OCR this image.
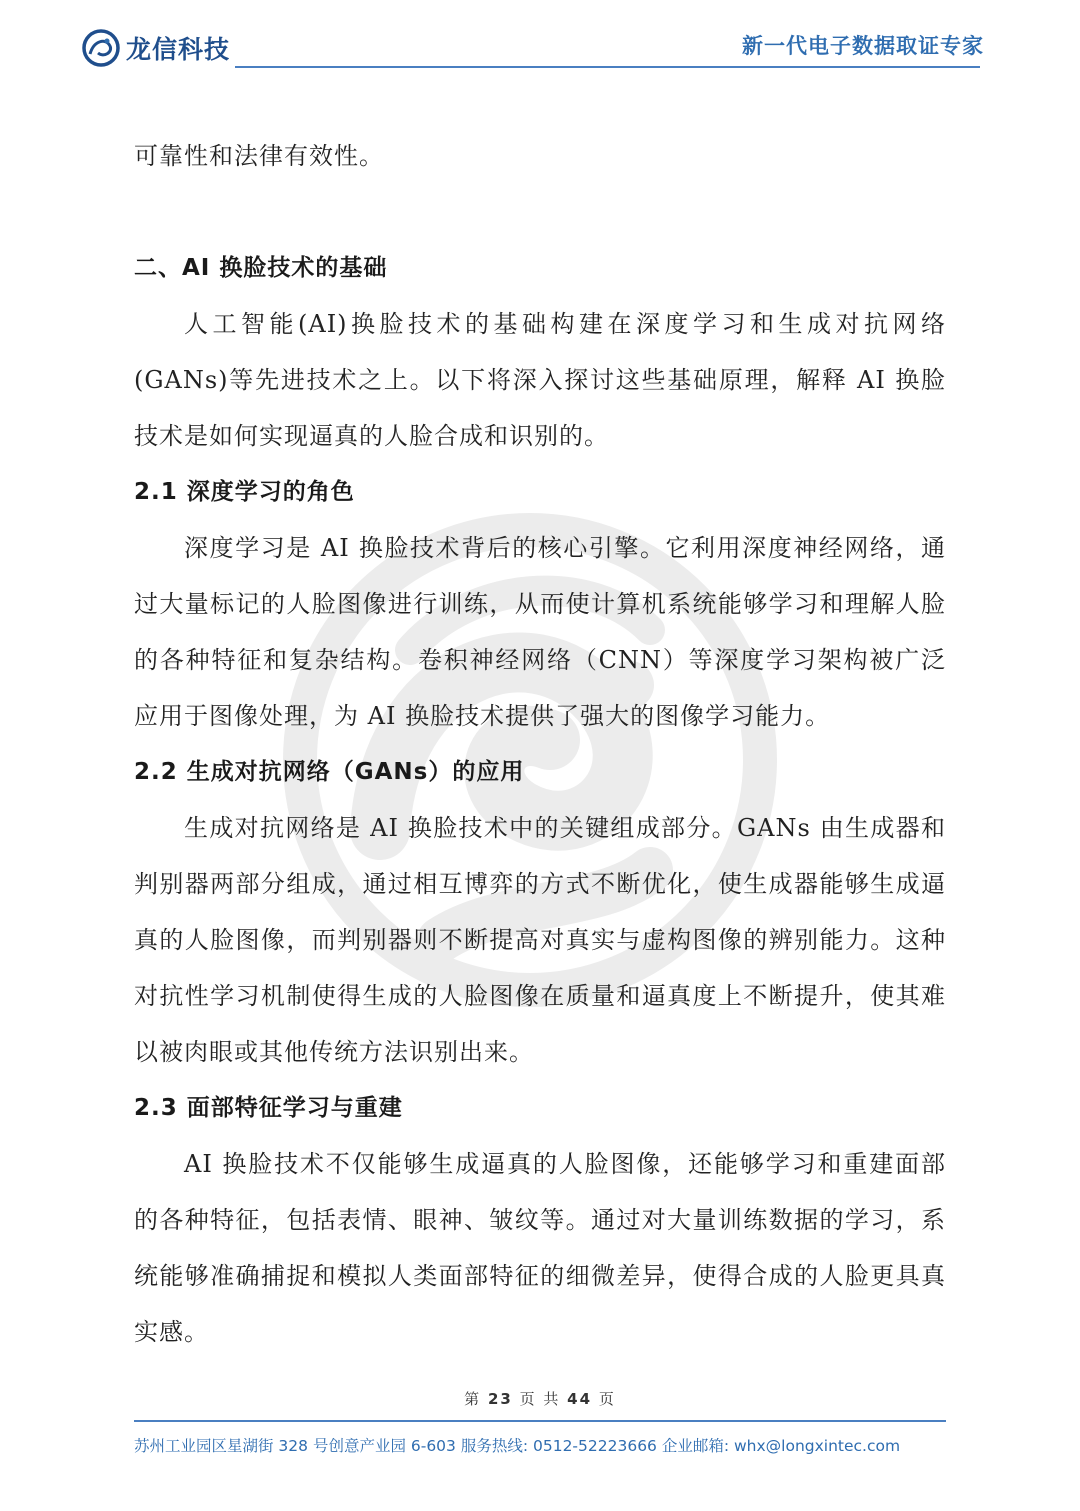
龙信科技	新一代电子数据取证专家

可靠性和法律有效性。

二、AI 换脸技术的基础

人工智能(AI)换脸技术的基础构建在深度学习和生成对抗网络(GANs)等先进技术之上。以下将深入探讨这些基础原理，解释 AI 换脸技术是如何实现逼真的人脸合成和识别的。

2.1 深度学习的角色

深度学习是 AI 换脸技术背后的核心引擎。它利用深度神经网络，通过大量标记的人脸图像进行训练，从而使计算机系统能够学习和理解人脸的各种特征和复杂结构。卷积神经网络（CNN）等深度学习架构被广泛应用于图像处理，为 AI 换脸技术提供了强大的图像学习能力。

2.2 生成对抗网络（GANs）的应用

生成对抗网络是 AI 换脸技术中的关键组成部分。GANs 由生成器和判别器两部分组成，通过相互博弈的方式不断优化，使生成器能够生成逼真的人脸图像，而判别器则不断提高对真实与虚构图像的辨别能力。这种对抗性学习机制使得生成的人脸图像在质量和逼真度上不断提升，使其难以被肉眼或其他传统方法识别出来。

2.3 面部特征学习与重建

AI 换脸技术不仅能够生成逼真的人脸图像，还能够学习和重建面部的各种特征，包括表情、眼神、皱纹等。通过对大量训练数据的学习，系统能够准确捕捉和模拟人类面部特征的细微差异，使得合成的人脸更具真实感。

第 23 页 共 44 页
苏州工业园区星湖街 328 号创意产业园 6-603 服务热线: 0512-52223666 企业邮箱: whx@longxintec.com
